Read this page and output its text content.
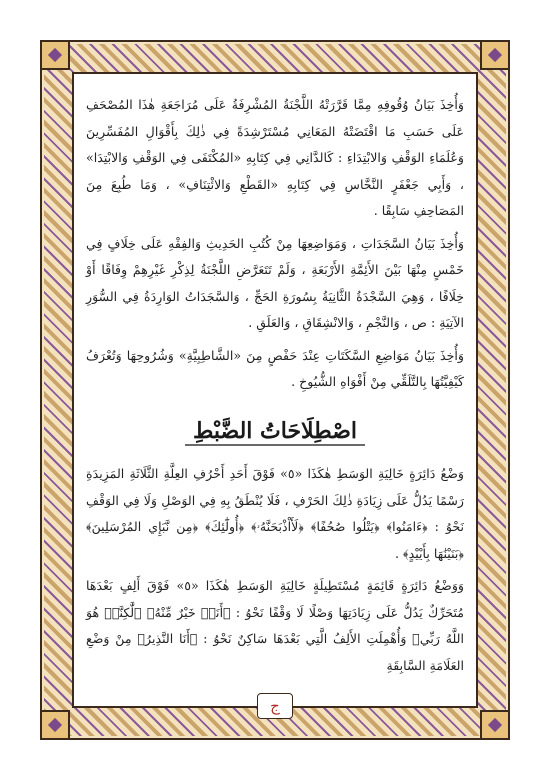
وَأُخِذَ بَيَانُ وُقُوفِهِ مِمَّا قَرَّرَتْهُ اللَّجْنَةُ المُشْرِفَةُ عَلَى مُرَاجَعَةِ هٰذَا المُصْحَفِ عَلَى حَسَبِ مَا اقْتَضَتْهُ المَعَانِي مُسْتَرْشِدَةً فِي ذٰلِكَ بِأَقْوَالِ المُفَسِّرِينَ وَعُلَمَاءِ الوَقْفِ وَالابْتِدَاءِ : كَالدَّانِي فِي كِتَابِهِ «المُكْتَفَى فِي الوَقْفِ وَالابْتِدَا» ، وَأَبِي جَعْفَرٍ النَّحَّاسِ فِي كِتَابِهِ «القَطْعِ وَالائْتِنَافِ» ، وَمَا طُبِعَ مِنَ المَصَاحِفِ سَابِقًا .

وَأُخِذَ بَيَانُ السَّجَدَاتِ ، وَمَوَاضِعِهَا مِنْ كُتُبِ الحَدِيثِ وَالفِقْهِ عَلَى خِلَافٍ فِي خَمْسٍ مِنْهَا بَيْنَ الأَئِمَّةِ الأَرْبَعَةِ ، وَلَمْ تَتَعَرَّضِ اللَّجْنَةُ لِذِكْرِ غَيْرِهِمْ وِفَاقًا أَوْ خِلَافًا ، وَهِيَ السَّجْدَةُ الثَّانِيَةُ بِسُورَةِ الحَجِّ ، وَالسَّجَدَاتُ الوَارِدَةُ فِي السُّوَرِ الآتِيَةِ : ص ، وَالنَّجْمِ ، وَالانْشِقَاقِ ، وَالعَلَقِ .

وَأُخِذَ بَيَانُ مَوَاضِعِ السَّكَتَاتِ عِنْدَ حَفْصٍ مِنَ «الشَّاطِبِيَّةِ» وَشُرُوحِهَا وَتُعْرَفُ كَيْفِيَّتُهَا بِالتَّلَقِّي مِنْ أَفْوَاهِ الشُّيُوخِ .

اصْطِلَاحَاتُ الضَّبْطِ

وَضْعُ دَائِرَةٍ خَالِيَةِ الوَسَطِ هٰكَذَا «٥» فَوْقَ أَحَدِ أَحْرُفِ العِلَّةِ الثَّلَاثَةِ المَزِيدَةِ رَسْمًا يَدُلُّ عَلَى زِيَادَةِ ذٰلِكَ الحَرْفِ ، فَلَا يُنْطَقُ بِهِ فِي الوَصْلِ وَلَا فِي الوَقْفِ نَحْوُ : ﴿ءَامَنُوا﴾ ﴿يَتْلُوا صُحُفًا﴾ ﴿لَأَاْذْبَحَنَّهُۥ﴾ ﴿أُولَٰٓئِكَ﴾ ﴿مِن نَّبَإِي المُرْسَلِينَ﴾ ﴿بَنَيْنَٰهَا بِأَيْيْدٍ﴾ .

وَوَضْعُ دَائِرَةٍ قَائِمَةٍ مُسْتَطِيلَةٍ خَالِيَةِ الوَسَطِ هٰكَذَا «٥» فَوْقَ أَلِفٍ بَعْدَهَا مُتَحَرِّكٌ يَدُلُّ عَلَى زِيَادَتِهَا وَصْلًا لَا وَقْفًا نَحْوُ : ﴿أَنَا۠ خَيْرٌ مِّنْهُ﴾ ﴿لَّٰكِنَّا۠ هُوَ اللَّهُ رَبِّي﴾ وَأُهْمِلَتِ الأَلِفُ الَّتِي بَعْدَهَا سَاكِنٌ نَحْوُ : ﴿أَنَا النَّذِيرُ﴾ مِنْ وَضْعِ العَلَامَةِ السَّابِقَةِ

ج
